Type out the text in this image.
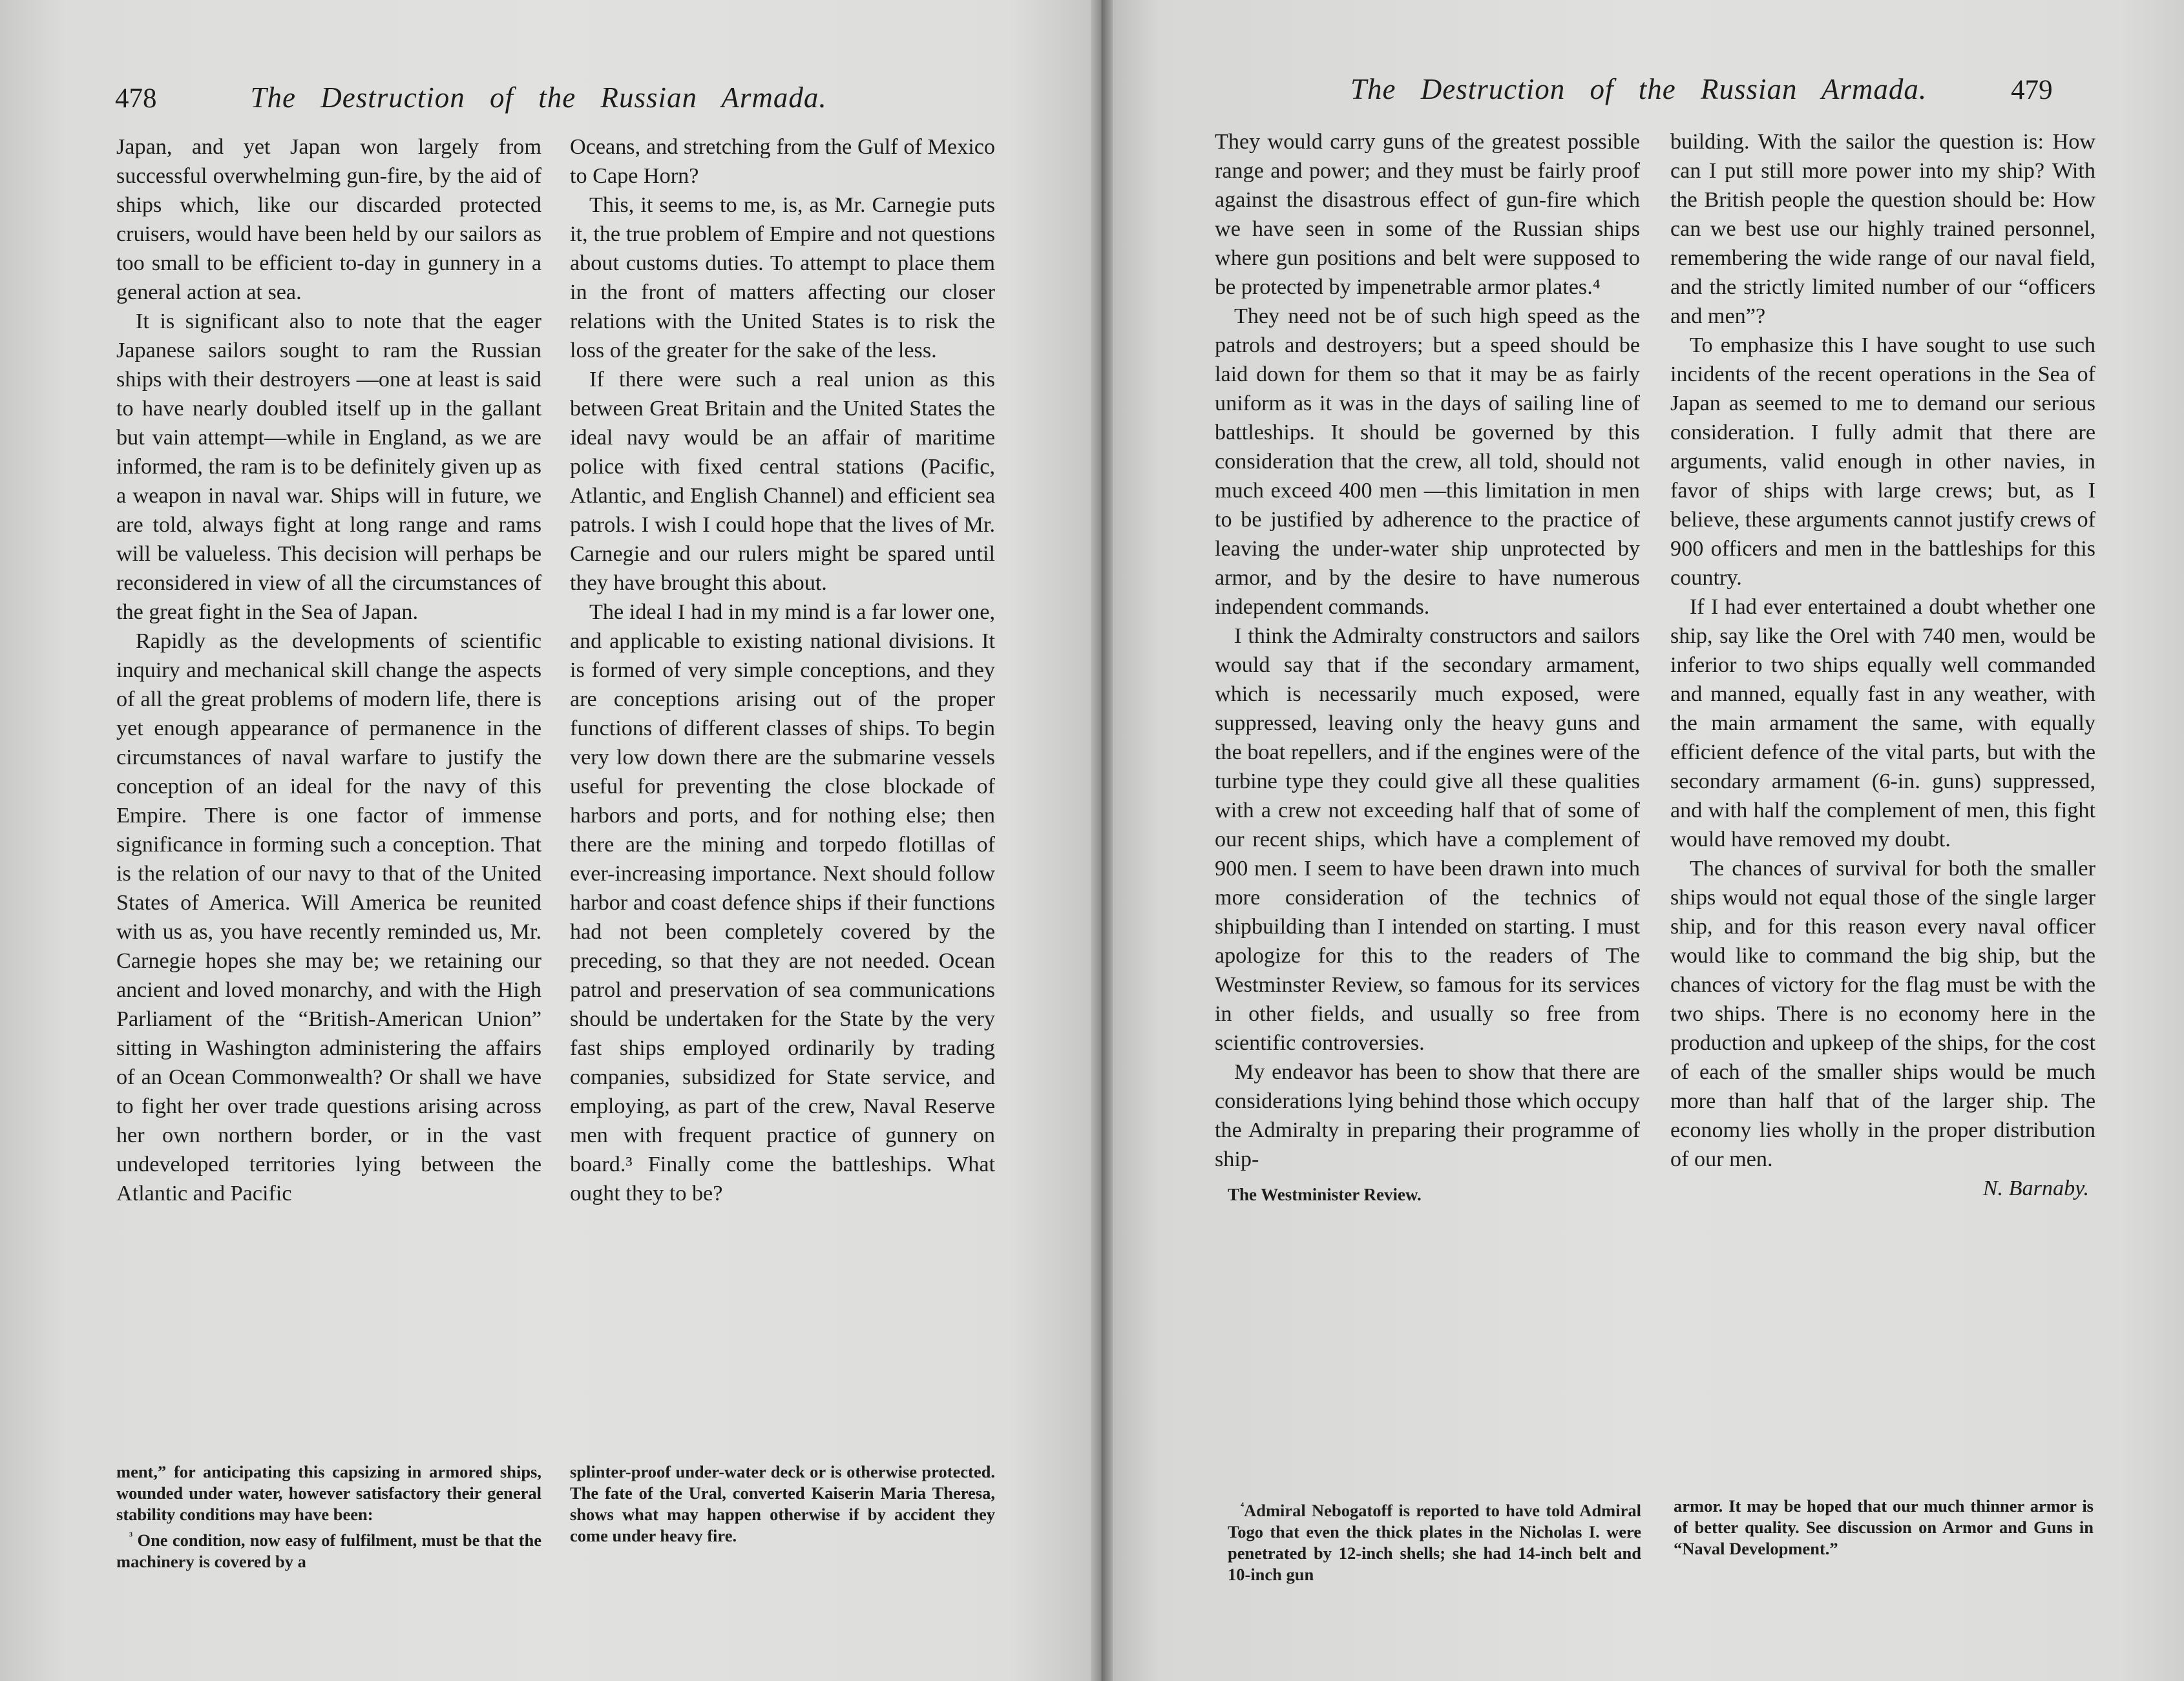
478	The Destruction of the Russian Armada.

Japan, and yet Japan won largely from successful overwhelming gun-fire, by the aid of ships which, like our discarded protected cruisers, would have been held by our sailors as too small to be efficient to-day in gunnery in a general action at sea.

It is significant also to note that the eager Japanese sailors sought to ram the Russian ships with their destroyers —one at least is said to have nearly doubled itself up in the gallant but vain attempt—while in England, as we are informed, the ram is to be definitely given up as a weapon in naval war. Ships will in future, we are told, always fight at long range and rams will be valueless. This decision will perhaps be reconsidered in view of all the circumstances of the great fight in the Sea of Japan.

Rapidly as the developments of scientific inquiry and mechanical skill change the aspects of all the great problems of modern life, there is yet enough appearance of permanence in the circumstances of naval warfare to justify the conception of an ideal for the navy of this Empire. There is one factor of immense significance in forming such a conception. That is the relation of our navy to that of the United States of America. Will America be reunited with us as, you have recently reminded us, Mr. Carnegie hopes she may be; we retaining our ancient and loved monarchy, and with the High Parliament of the “British-American Union” sitting in Washington administering the affairs of an Ocean Commonwealth? Or shall we have to fight her over trade questions arising across her own northern border, or in the vast undeveloped territories lying between the Atlantic and Pacific

Oceans, and stretching from the Gulf of Mexico to Cape Horn?

This, it seems to me, is, as Mr. Carnegie puts it, the true problem of Empire and not questions about customs duties. To attempt to place them in the front of matters affecting our closer relations with the United States is to risk the loss of the greater for the sake of the less.

If there were such a real union as this between Great Britain and the United States the ideal navy would be an affair of maritime police with fixed central stations (Pacific, Atlantic, and English Channel) and efficient sea patrols. I wish I could hope that the lives of Mr. Carnegie and our rulers might be spared until they have brought this about.

The ideal I had in my mind is a far lower one, and applicable to existing national divisions. It is formed of very simple conceptions, and they are conceptions arising out of the proper functions of different classes of ships. To begin very low down there are the submarine vessels useful for preventing the close blockade of harbors and ports, and for nothing else; then there are the mining and torpedo flotillas of ever-increasing importance. Next should follow harbor and coast defence ships if their functions had not been completely covered by the preceding, so that they are not needed. Ocean patrol and preservation of sea communications should be undertaken for the State by the very fast ships employed ordinarily by trading companies, subsidized for State service, and employing, as part of the crew, Naval Reserve men with frequent practice of gunnery on board.³ Finally come the battleships. What ought they to be?

ment,” for anticipating this capsizing in armored ships, wounded under water, however satisfactory their general stability conditions may have been:

$^{^3}$ One condition, now easy of fulfilment, must be that the machinery is covered by a

splinter-proof under-water deck or is otherwise protected. The fate of the Ural, converted Kaiserin Maria Theresa, shows what may happen otherwise if by accident they come under heavy fire.

The Destruction of the Russian Armada.	479

They would carry guns of the greatest possible range and power; and they must be fairly proof against the disastrous effect of gun-fire which we have seen in some of the Russian ships where gun positions and belt were supposed to be protected by impenetrable armor plates.⁴

They need not be of such high speed as the patrols and destroyers; but a speed should be laid down for them so that it may be as fairly uniform as it was in the days of sailing line of battleships. It should be governed by this consideration that the crew, all told, should not much exceed 400 men —this limitation in men to be justified by adherence to the practice of leaving the under-water ship unprotected by armor, and by the desire to have numerous independent commands.

I think the Admiralty constructors and sailors would say that if the secondary armament, which is necessarily much exposed, were suppressed, leaving only the heavy guns and the boat repellers, and if the engines were of the turbine type they could give all these qualities with a crew not exceeding half that of some of our recent ships, which have a complement of 900 men. I seem to have been drawn into much more consideration of the technics of shipbuilding than I intended on starting. I must apologize for this to the readers of The Westminster Review, so famous for its services in other fields, and usually so free from scientific controversies.

My endeavor has been to show that there are considerations lying behind those which occupy the Admiralty in preparing their programme of ship-

The Westminister Review.

building. With the sailor the question is: How can I put still more power into my ship? With the British people the question should be: How can we best use our highly trained personnel, remembering the wide range of our naval field, and the strictly limited number of our “officers and men”?

To emphasize this I have sought to use such incidents of the recent operations in the Sea of Japan as seemed to me to demand our serious consideration. I fully admit that there are arguments, valid enough in other navies, in favor of ships with large crews; but, as I believe, these arguments cannot justify crews of 900 officers and men in the battleships for this country.

If I had ever entertained a doubt whether one ship, say like the Orel with 740 men, would be inferior to two ships equally well commanded and manned, equally fast in any weather, with the main armament the same, with equally efficient defence of the vital parts, but with the secondary armament (6-in. guns) suppressed, and with half the complement of men, this fight would have removed my doubt.

The chances of survival for both the smaller ships would not equal those of the single larger ship, and for this reason every naval officer would like to command the big ship, but the chances of victory for the flag must be with the two ships. There is no economy here in the production and upkeep of the ships, for the cost of each of the smaller ships would be much more than half that of the larger ship. The economy lies wholly in the proper distribution of our men.

N. Barnaby.

$^{^4}$Admiral Nebogatoff is reported to have told Admiral Togo that even the thick plates in the Nicholas I. were penetrated by 12-inch shells; she had 14-inch belt and 10-inch gun

armor. It may be hoped that our much thinner armor is of better quality. See discussion on Armor and Guns in “Naval Development.”
